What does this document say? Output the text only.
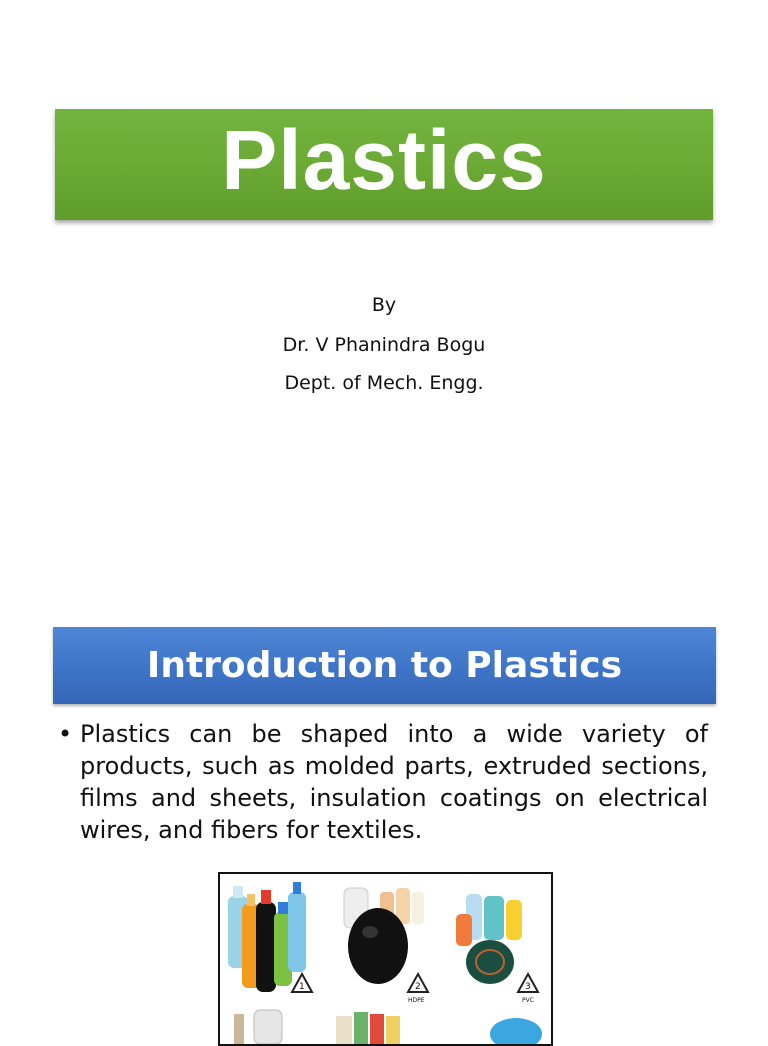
Plastics
By
Dr. V Phanindra Bogu
Dept. of Mech. Engg.
Introduction to Plastics
• Plastics can be shaped into a wide variety of products, such as molded parts, extruded sections, films and sheets, insulation coatings on electrical wires, and fibers for textiles.
1	2
HDPE
3
PVC
